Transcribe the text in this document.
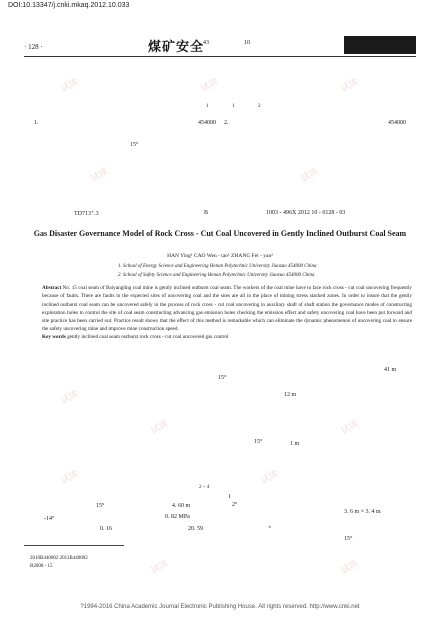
DOI:10.13347/j.cnki.mkaq.2012.10.033
· 128 ·	煤矿安全
43	10
1	1	2
1.	454000 2.	454000
15°
TD713⁺.3	B	1003 - 496X 2012 10 - 0128 - 03
Gas Disaster Governance Model of Rock Cross - Cut Coal Uncovered in Gently Inclined Outburst Coal Seam
HAN Ying¹ CAO Wen - tao¹ ZHANG Fei - yan²
1. School of Energy Science and Engineering Henan Polytechnic University Jiaozuo 454000 China
2. School of Safety Science and Engineering Henan Polytechnic University Jiaozuo 454000 China
Abstract No. 15 coal seam of Baiyangling coal mine is gently inclined outburst coal seam. The workers of the coal mine have to face rock cross - cut coal uncovering frequently because of faults. There are faults in the expected sites of uncovering coal and the sites are all in the place of mining stress stacked zones. In order to insure that the gently inclined outburst coal seam can be uncovered safely in the process of rock cross - cut coal uncovering in auxiliary shaft of shaft station the governance modes of constructing exploration holes to control the site of coal seam constructing advancing gas emission holes checking the emission effect and safety uncovering coal have been put forward and site practice has been carried out. Practice result shows that the effect of this method is remarkable which can eliminate the dynamic phenomenon of uncovering coal to ensure the safety uncovering mine and improve mine construction speed.
Key words gently inclined coal seam outburst rock cross - cut coal uncovered gas control
15°
41 m
12 m
15°	1 m
2 ~ 4
1
15°	4. 60 m	2°
-14°	0. 82 MPa
3. 6 m × 3. 4 m
0. 16	20. 59	×
15°
2010B440002 2011B440002
B2008 - 15
?1994-2016 China Academic Journal Electronic Publishing House. All rights reserved. http://www.cnki.net
试读	试读	试读
试读	试读
试读
试读	试读
试读	试读
试读	试读
